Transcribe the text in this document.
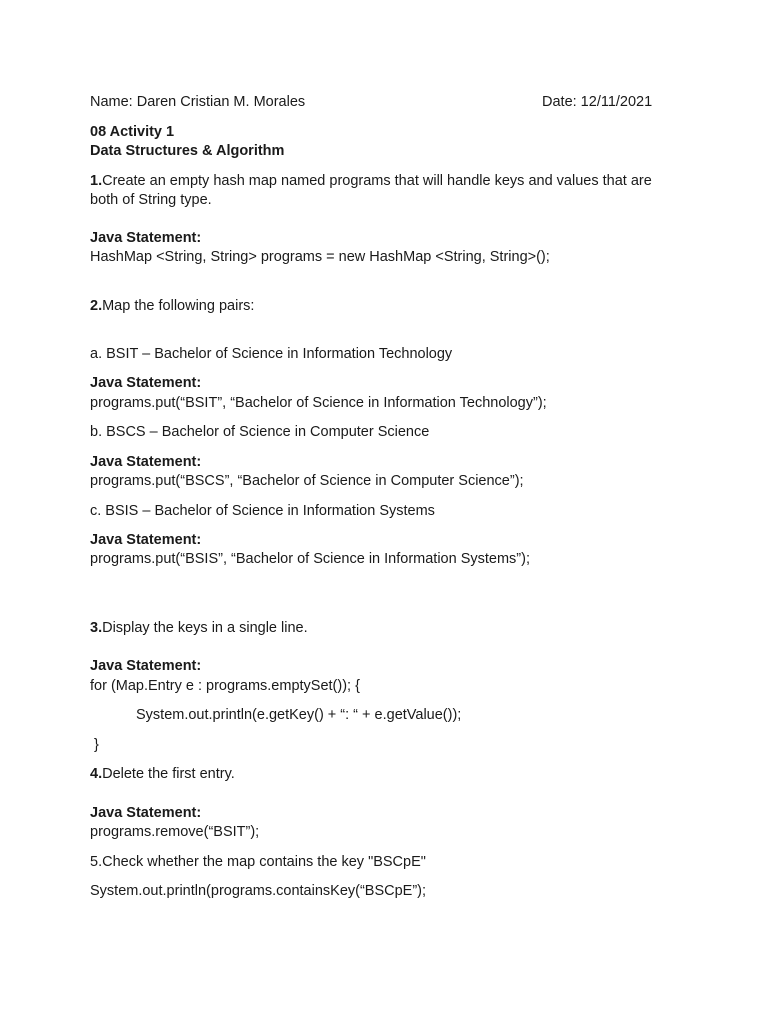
Name: Daren Cristian M. Morales	Date: 12/11/2021
08 Activity 1
Data Structures & Algorithm
1.Create an empty hash map named programs that will handle keys and values that are
both of String type.
Java Statement:
HashMap <String, String> programs = new HashMap <String, String>();
2.Map the following pairs:
a. BSIT – Bachelor of Science in Information Technology
Java Statement:
programs.put(“BSIT”, “Bachelor of Science in Information Technology”);
b. BSCS – Bachelor of Science in Computer Science
Java Statement:
programs.put(“BSCS”, “Bachelor of Science in Computer Science”);
c. BSIS – Bachelor of Science in Information Systems
Java Statement:
programs.put(“BSIS”, “Bachelor of Science in Information Systems”);
3.Display the keys in a single line.
Java Statement:
for (Map.Entry e : programs.emptySet()); {
System.out.println(e.getKey() + “: “ + e.getValue());
}
4.Delete the first entry.
Java Statement:
programs.remove(“BSIT”);
5.Check whether the map contains the key "BSCpE"
System.out.println(programs.containsKey(“BSCpE”);
